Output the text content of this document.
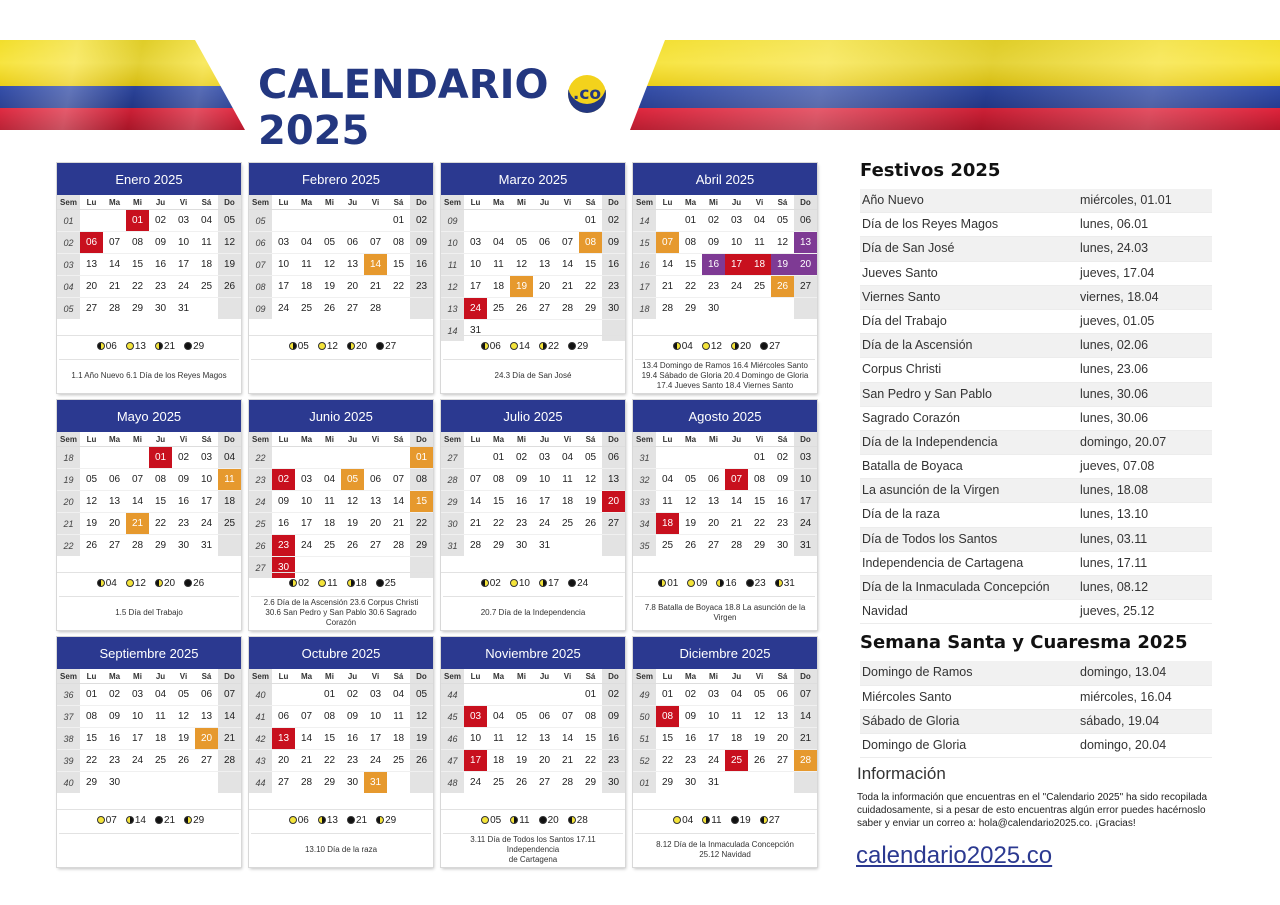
CALENDARIO 2025
.co
Enero 2025
Sem	Lu	Ma	Mi	Ju	Vi	Sá	Do
01			01	02	03	04	05
02	06	07	08	09	10	11	12
03	13	14	15	16	17	18	19
04	20	21	22	23	24	25	26
05	27	28	29	30	31		
06 13 21 29
1.1 Año Nuevo 6.1 Día de los Reyes Magos
Febrero 2025
Sem	Lu	Ma	Mi	Ju	Vi	Sá	Do
05						01	02
06	03	04	05	06	07	08	09
07	10	11	12	13	14	15	16
08	17	18	19	20	21	22	23
09	24	25	26	27	28		
05 12 20 27
Marzo 2025
Sem	Lu	Ma	Mi	Ju	Vi	Sá	Do
09						01	02
10	03	04	05	06	07	08	09
11	10	11	12	13	14	15	16
12	17	18	19	20	21	22	23
13	24	25	26	27	28	29	30
14	31						
06 14 22 29
24.3 Día de San José
Abril 2025
Sem	Lu	Ma	Mi	Ju	Vi	Sá	Do
14		01	02	03	04	05	06
15	07	08	09	10	11	12	13
16	14	15	16	17	18	19	20
17	21	22	23	24	25	26	27
18	28	29	30				
04 12 20 27
13.4 Domingo de Ramos 16.4 Miércoles Santo
19.4 Sábado de Gloria 20.4 Domingo de Gloria
17.4 Jueves Santo 18.4 Viernes Santo
Mayo 2025
Sem	Lu	Ma	Mi	Ju	Vi	Sá	Do
18				01	02	03	04
19	05	06	07	08	09	10	11
20	12	13	14	15	16	17	18
21	19	20	21	22	23	24	25
22	26	27	28	29	30	31	
04 12 20 26
1.5 Día del Trabajo
Junio 2025
Sem	Lu	Ma	Mi	Ju	Vi	Sá	Do
22							01
23	02	03	04	05	06	07	08
24	09	10	11	12	13	14	15
25	16	17	18	19	20	21	22
26	23	24	25	26	27	28	29
27	30						
02 11 18 25
2.6 Día de la Ascensión 23.6 Corpus Christi
30.6 San Pedro y San Pablo 30.6 Sagrado Corazón
Julio 2025
Sem	Lu	Ma	Mi	Ju	Vi	Sá	Do
27		01	02	03	04	05	06
28	07	08	09	10	11	12	13
29	14	15	16	17	18	19	20
30	21	22	23	24	25	26	27
31	28	29	30	31			
02 10 17 24
20.7 Día de la Independencia
Agosto 2025
Sem	Lu	Ma	Mi	Ju	Vi	Sá	Do
31					01	02	03
32	04	05	06	07	08	09	10
33	11	12	13	14	15	16	17
34	18	19	20	21	22	23	24
35	25	26	27	28	29	30	31
01 09 16 23 31
7.8 Batalla de Boyaca 18.8 La asunción de la Virgen
Septiembre 2025
Sem	Lu	Ma	Mi	Ju	Vi	Sá	Do
36	01	02	03	04	05	06	07
37	08	09	10	11	12	13	14
38	15	16	17	18	19	20	21
39	22	23	24	25	26	27	28
40	29	30					
07 14 21 29
Octubre 2025
Sem	Lu	Ma	Mi	Ju	Vi	Sá	Do
40			01	02	03	04	05
41	06	07	08	09	10	11	12
42	13	14	15	16	17	18	19
43	20	21	22	23	24	25	26
44	27	28	29	30	31		
06 13 21 29
13.10 Día de la raza
Noviembre 2025
Sem	Lu	Ma	Mi	Ju	Vi	Sá	Do
44						01	02
45	03	04	05	06	07	08	09
46	10	11	12	13	14	15	16
47	17	18	19	20	21	22	23
48	24	25	26	27	28	29	30
05 11 20 28
3.11 Día de Todos los Santos 17.11 Independencia
de Cartagena
Diciembre 2025
Sem	Lu	Ma	Mi	Ju	Vi	Sá	Do
49	01	02	03	04	05	06	07
50	08	09	10	11	12	13	14
51	15	16	17	18	19	20	21
52	22	23	24	25	26	27	28
01	29	30	31				
04 11 19 27
8.12 Día de la Inmaculada Concepción
25.12 Navidad
Festivos 2025
Año Nuevo	miércoles, 01.01
Día de los Reyes Magos	lunes, 06.01
Día de San José	lunes, 24.03
Jueves Santo	jueves, 17.04
Viernes Santo	viernes, 18.04
Día del Trabajo	jueves, 01.05
Día de la Ascensión	lunes, 02.06
Corpus Christi	lunes, 23.06
San Pedro y San Pablo	lunes, 30.06
Sagrado Corazón	lunes, 30.06
Día de la Independencia	domingo, 20.07
Batalla de Boyaca	jueves, 07.08
La asunción de la Virgen	lunes, 18.08
Día de la raza	lunes, 13.10
Día de Todos los Santos	lunes, 03.11
Independencia de Cartagena	lunes, 17.11
Día de la Inmaculada Concepción	lunes, 08.12
Navidad	jueves, 25.12
Semana Santa y Cuaresma 2025
Domingo de Ramos	domingo, 13.04
Miércoles Santo	miércoles, 16.04
Sábado de Gloria	sábado, 19.04
Domingo de Gloria	domingo, 20.04
Información
Toda la información que encuentras en el "Calendario 2025" ha sido recopilada cuidadosamente, si a pesar de esto encuentras algún error puedes hacérnoslo saber y enviar un correo a: hola@calendario2025.co. ¡Gracias!
calendario2025.co
